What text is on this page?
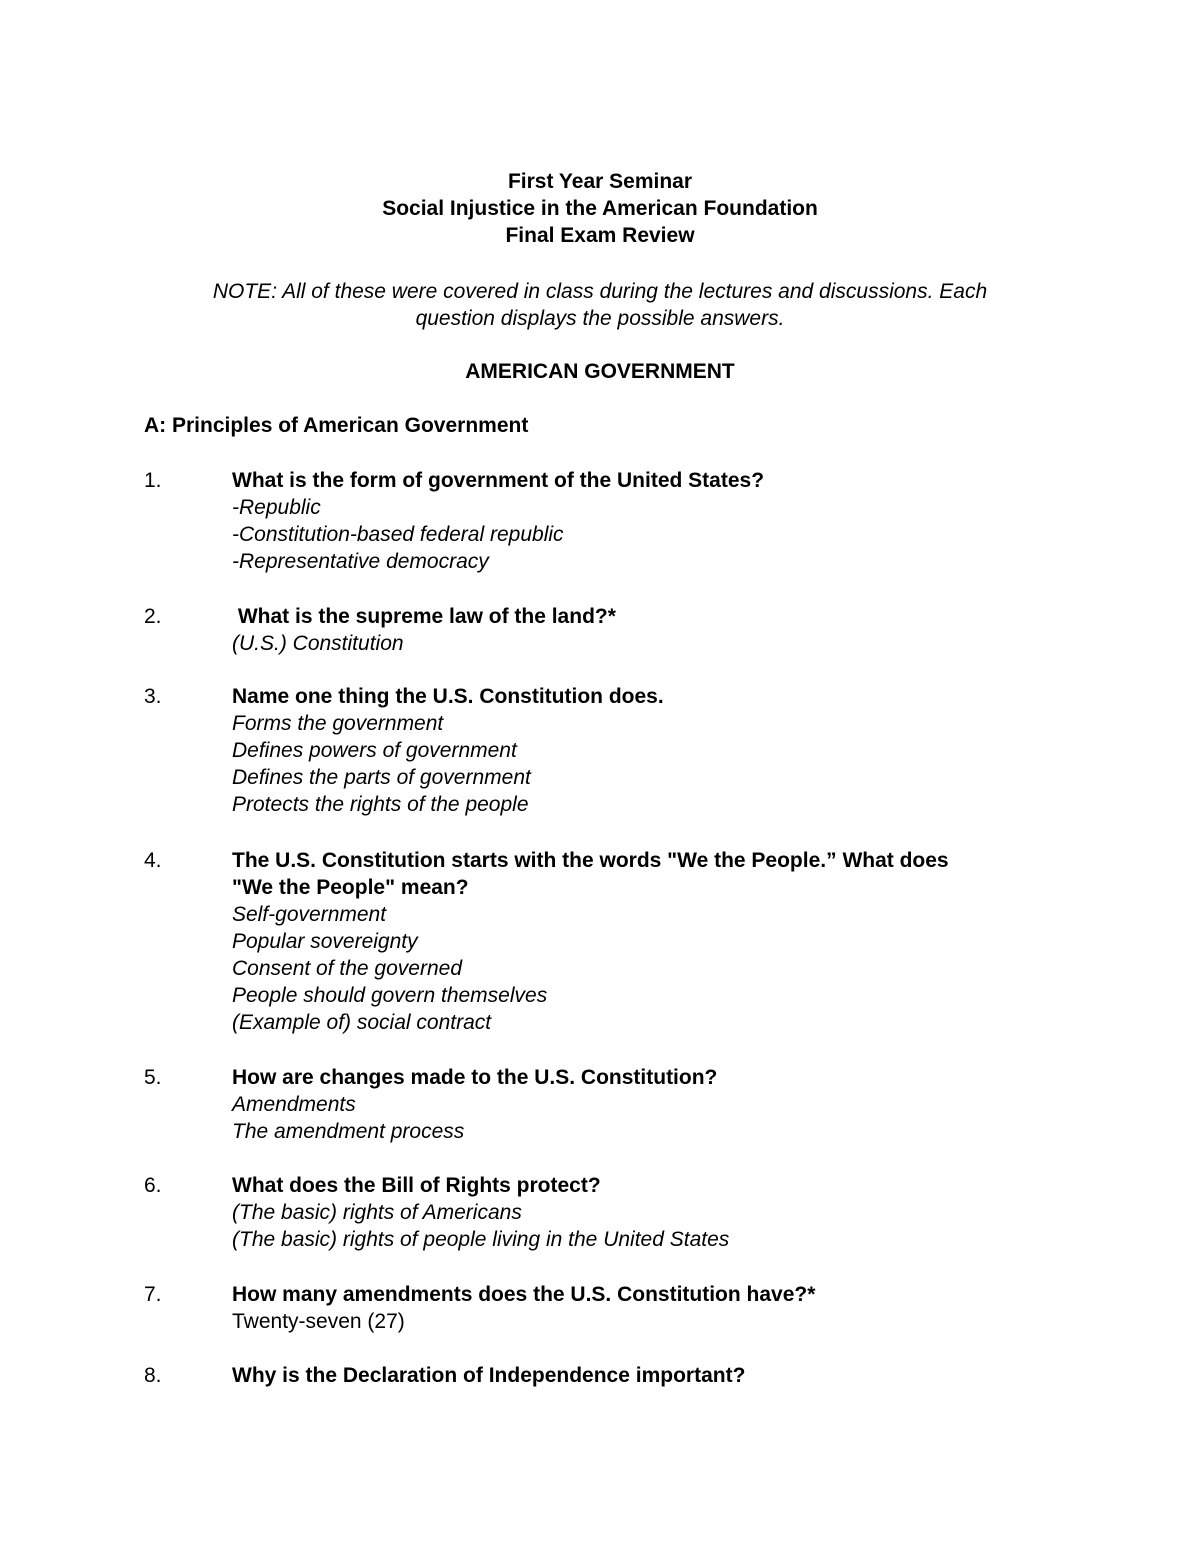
First Year Seminar
Social Injustice in the American Foundation
Final Exam Review
NOTE: All of these were covered in class during the lectures and discussions. Each
question displays the possible answers.
AMERICAN GOVERNMENT
A: Principles of American Government
1.	What is the form of government of the United States?
-Republic
-Constitution-based federal republic
-Representative democracy
2.	What is the supreme law of the land?*
(U.S.) Constitution
3.	Name one thing the U.S. Constitution does.
Forms the government
Defines powers of government
Defines the parts of government
Protects the rights of the people
4.	The U.S. Constitution starts with the words "We the People.” What does
"We the People" mean?
Self-government
Popular sovereignty
Consent of the governed
People should govern themselves
(Example of) social contract
5.	How are changes made to the U.S. Constitution?
Amendments
The amendment process
6.	What does the Bill of Rights protect?
(The basic) rights of Americans
(The basic) rights of people living in the United States
7.	How many amendments does the U.S. Constitution have?*
Twenty-seven (27)
8.	Why is the Declaration of Independence important?
